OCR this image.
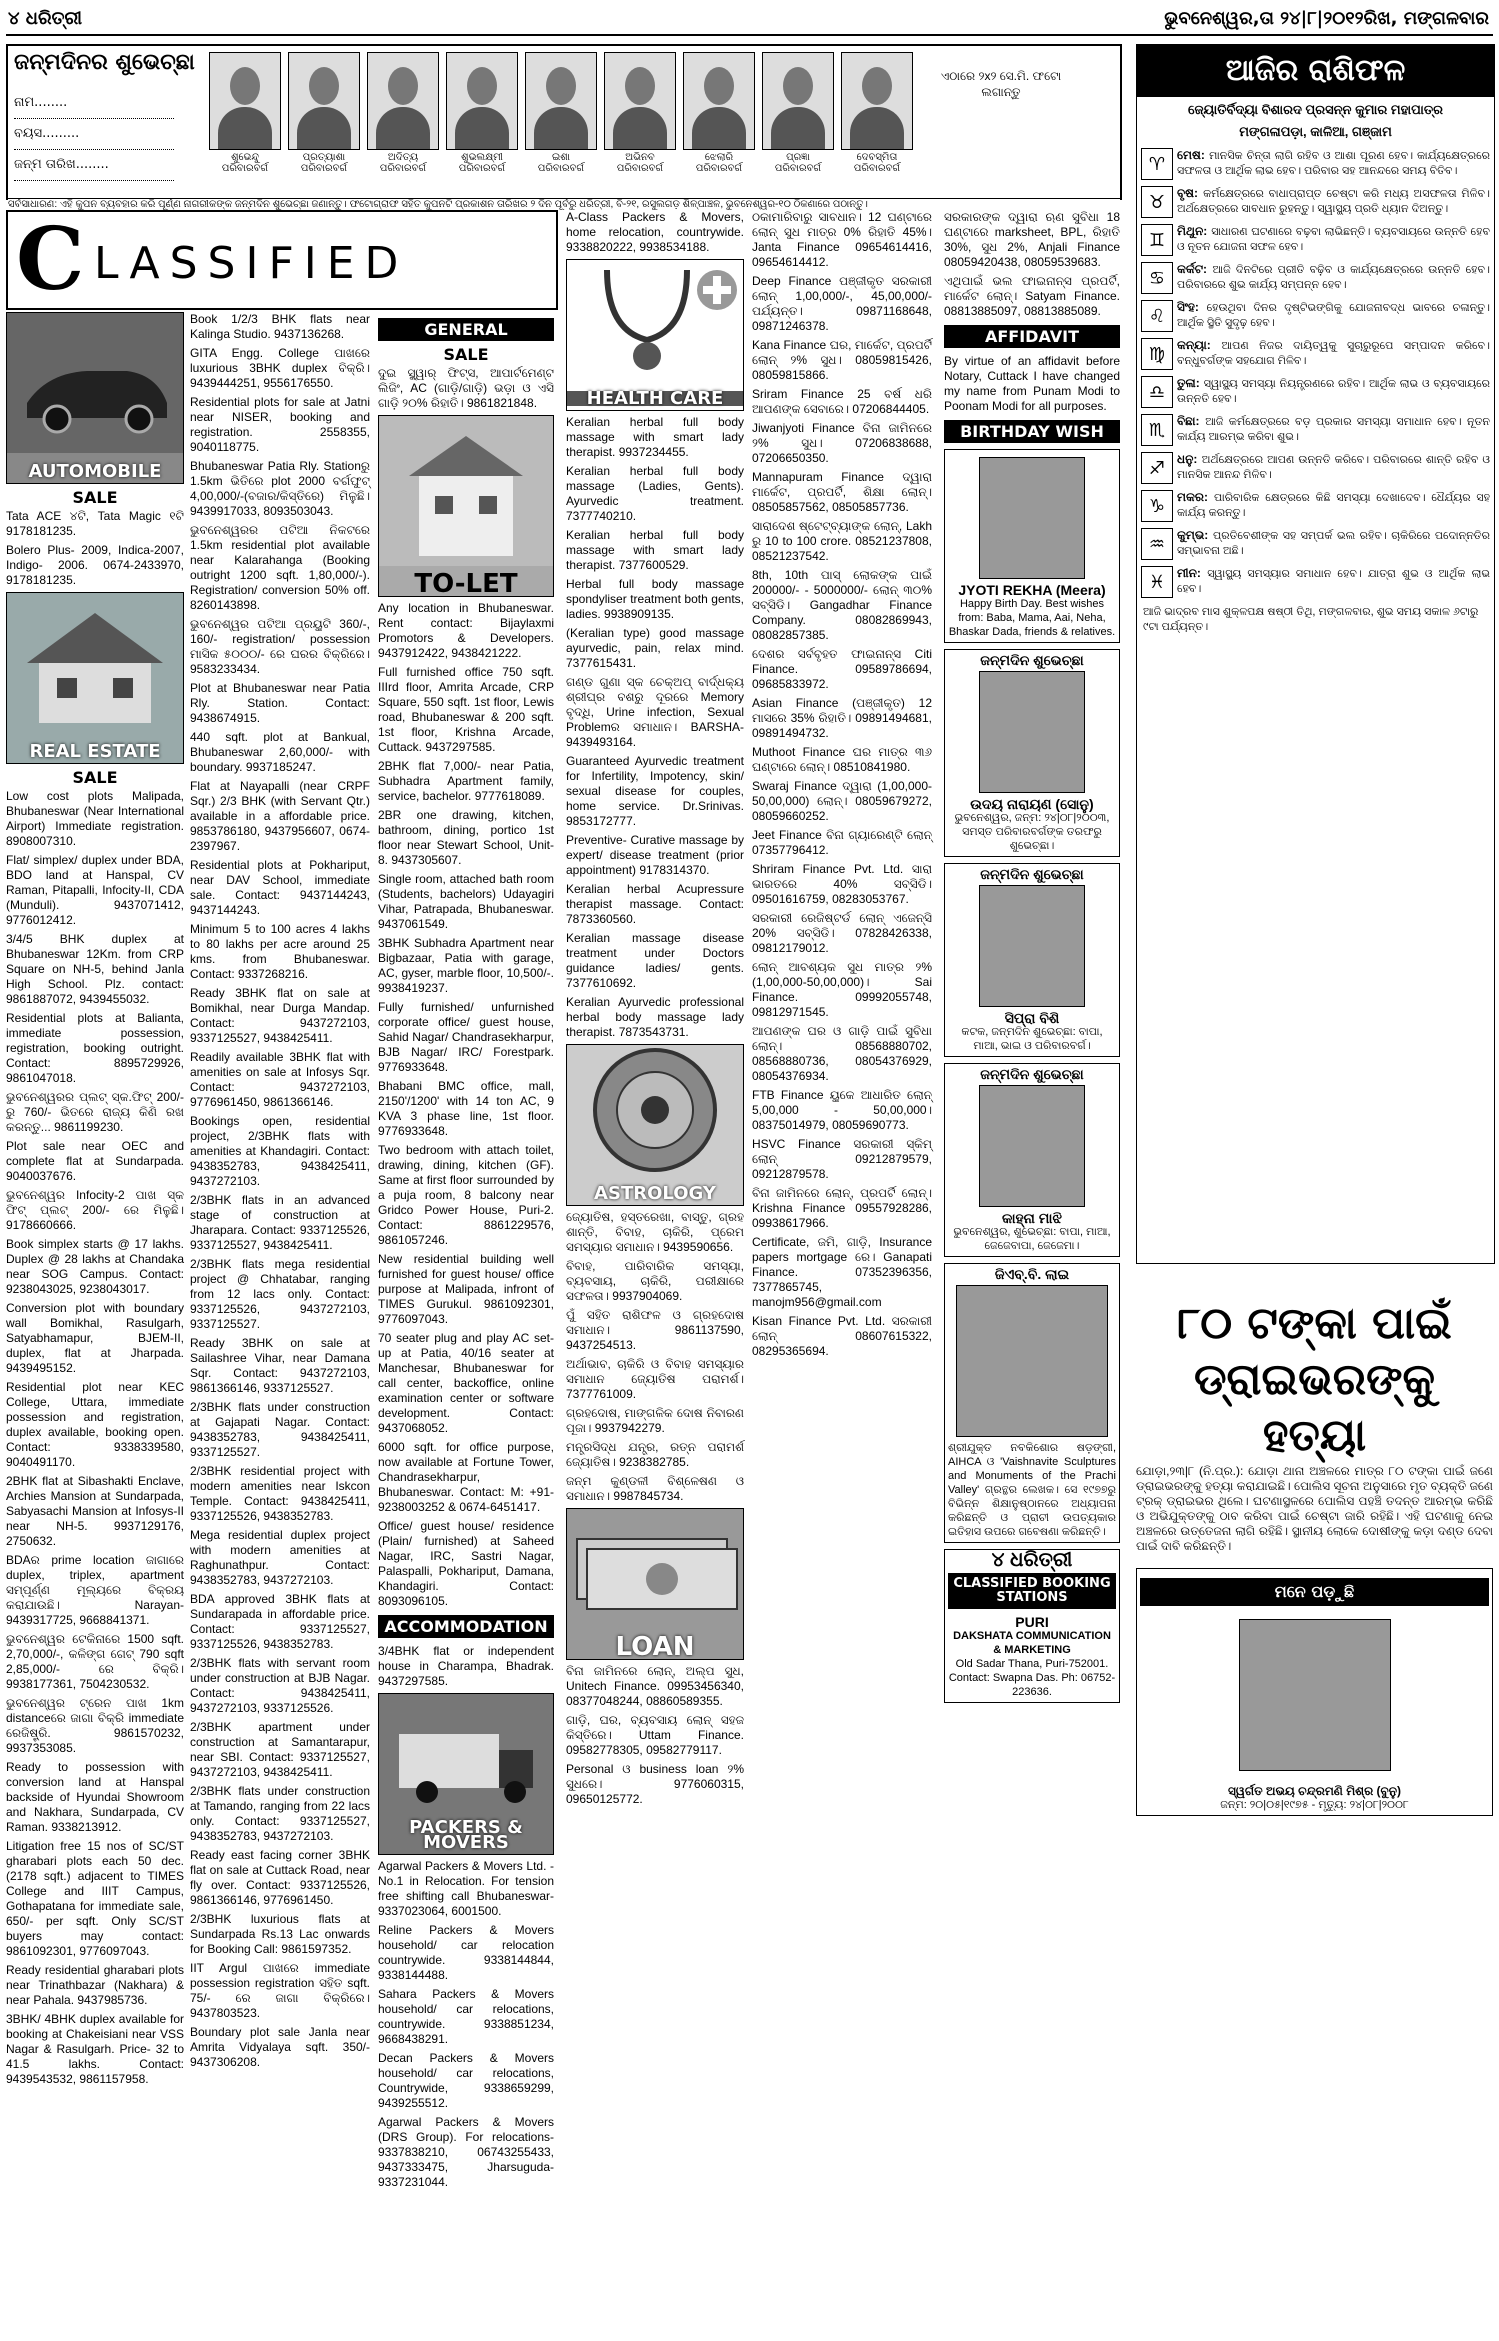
୪ ଧରିତ୍ରୀ	ଭୁବନେଶ୍ୱର,ତା ୨୪|୮|୨୦୧୨ରିଖ, ମଙ୍ଗଳବାର
ଜନ୍ମଦିନର ଶୁଭେଚ୍ଛା
ନାମ........
ବୟସ.........
ଜନ୍ମ ତାରିଖ........	ଶୁଭେନ୍ଦୁ
ପରିବାରବର୍ଗ
ପ୍ରତ୍ୟାଶା
ପରିବାରବର୍ଗ
ଅଦିତ୍ୟ
ପରିବାରବର୍ଗ
ଶୁଭଲକ୍ଷ୍ମୀ
ପରିବାରବର୍ଗ
ଇଶା
ପରିବାରବର୍ଗ
ଅଭିନବ
ପରିବାରବର୍ଗ
ଝେଲାରି
ପରିବାରବର୍ଗ
ପ୍ରଜ୍ଞା
ପରିବାରବର୍ଗ
ଦେବସ୍ମିତା
ପରିବାରବର୍ଗ
ଏଠାରେ ୨x୨ ସେ.ମି. ଫଟୋ ଲଗାନ୍ତୁ
ସର୍ବସାଧାରଣ: ଏହି କୁପନ ବ୍ୟବହାର କରି ପୂର୍ଣ୍ଣ ନାଗରୀକଙ୍କ ଜନ୍ମଦିନ ଶୁଭେଚ୍ଛା ଜଣାନ୍ତୁ। ଫଟୋଗ୍ରାଫ ସହିତ କୁପନଟି ପ୍ରକାଶନ ତାରିଖର ୨ ଦିନ ପୂର୍ବରୁ ଧରିତ୍ରୀ, ବି-୨୧, ରସୁଲଗଡ଼ ଶିଳ୍ପାଞ୍ଚଳ, ଭୁବନେଶ୍ୱର-୧୦ ଠିକଣାରେ ପଠାନ୍ତୁ।
C LASSIFIED
AUTOMOBILE
SALE

Tata ACE ୪ଟି, Tata Magic ୧ଟି 9178181235.

Bolero Plus- 2009, Indica-2007, Indigo- 2006. 0674-2433970, 9178181235.

REAL ESTATE
SALE

Low cost plots Malipada, Bhubaneswar (Near International Airport) Immediate registration. 8908007310.

Flat/ simplex/ duplex under BDA, BDO land at Hanspal, CV Raman, Pitapalli, Infocity-II, CDA (Munduli). 9437071412, 9776012412.

3/4/5 BHK duplex at Bhubaneswar 12Km. from CRP Square on NH-5, behind Janla High School. Plz. contact: 9861887072, 9439455032.

Residential plots at Balianta, immediate possession, registration, booking outright. Contact: 8895729926, 9861047018.

ଭୁବନେଶ୍ୱରର ପ୍ଲଟ୍ ସ୍କ.ଫିଟ୍ 200/- ରୁ 760/- ଭିତରେ ରାଜ୍ୟ କିଣି ରଖ କରନ୍ତୁ... 9861199230.

Plot sale near OEC and complete flat at Sundarpada. 9040037676.

ଭୁବନେଶ୍ୱର Infocity-2 ପାଖ ସ୍କ ଫିଟ୍ ପ୍ଲଟ୍ 200/- ରେ ମିଳୁଛି। 9178660666.

Book simplex starts @ 17 lakhs. Duplex @ 28 lakhs at Chandaka near SOG Campus. Contact: 9238043025, 9238043017.

Conversion plot with boundary wall Bomikhal, Rasulgarh, Satyabhamapur, BJEM-II, duplex, flat at Jharpada. 9439495152.

Residential plot near KEC College, Uttara, immediate possession and registration, duplex available, booking open. Contact: 9338339580, 9040491170.

2BHK flat at Sibashakti Enclave, Archies Mansion at Sundarpada, Sabyasachi Mansion at Infosys-II near NH-5. 9937129176, 2750632.

BDAର prime location ଜାଗାରେ duplex, triplex, apartment ସମ୍ପୂର୍ଣ୍ଣ ମୂଲ୍ୟରେ ବିକ୍ରୟ କରାଯାଉଛି। Narayan- 9439317725, 9668841371.

ଭୁବନେଶ୍ୱର ଟେକିନାରେ 1500 sqft. 2,70,000/-, କଳିଙ୍ଗ ଗେଟ୍ 790 sqft 2,85,000/- ରେ ବିକ୍ରି। 9938177361, 7504230532.

ଭୁବନେଶ୍ୱର ଟ୍ରେନ ପାଖ 1km distanceରେ ଜାଗା ବିକ୍ରି immediate ରେଜିଷ୍ଟ୍ରି. 9861570232, 9937353085.

Ready to possession with conversion land at Hanspal backside of Hyundai Showroom and Nakhara, Sundarpada, CV Raman. 9338213912.

Litigation free 15 nos of SC/ST gharabari plots each 50 dec. (2178 sqft.) adjacent to TIMES College and IIIT Campus, Gothapatana for immediate sale, 650/- per sqft. Only SC/ST buyers may contact: 9861092301, 9776097043.

Ready residential gharabari plots near Trinathbazar (Nakhara) & near Pahala. 9437985736.

3BHK/ 4BHK duplex available for booking at Chakeisiani near VSS Nagar & Rasulgarh. Price- 32 to 41.5 lakhs. Contact: 9439543532, 9861157958.

Book 1/2/3 BHK flats near Kalinga Studio. 9437136268.

GITA Engg. College ପାଖରେ luxurious 3BHK duplex ବିକ୍ରି। 9439444251, 9556176550.

Residential plots for sale at Jatni near NISER, booking and registration. 2558355, 9040118775.

Bhubaneswar Patia Rly. Stationରୁ 1.5km ଭିତିରେ plot 2000 ବର୍ଗଫୁଟ୍ 4,00,000/-(ବଜାର/କିସ୍ତିରେ) ମିଳୁଛି। 9439917033, 8093503043.

ଭୁବନେଶ୍ୱରର ପଟିଆ ନିକଟରେ 1.5km residential plot available near Kalarahanga (Booking outright 1200 sqft. 1,80,000/-). Registration/ conversion 50% off. 8260143898.

ଭୁବନେଶ୍ୱର ପଟିଆ ପ୍ରୟୁଟି 360/-, 160/- registration/ possession ମାସିକ ୫୦୦୦/- ରେ ଘରର ବିକ୍ରିରେ। 9583233434.

Plot at Bhubaneswar near Patia Rly. Station. Contact: 9438674915.

440 sqft. plot at Bankual, Bhubaneswar 2,60,000/- with boundary. 9937185247.

Flat at Nayapalli (near CRPF Sqr.) 2/3 BHK (with Servant Qtr.) available in a affordable price. 9853786180, 9437956607, 0674-2397967.

Residential plots at Pokhariput, near DAV School, immediate sale. Contact: 9437144243, 9437144243.

Minimum 5 to 100 acres 4 lakhs to 80 lakhs per acre around 25 kms. from Bhubaneswar. Contact: 9337268216.

Ready 3BHK flat on sale at Bomikhal, near Durga Mandap. Contact: 9437272103, 9337125527, 9438425411.

Readily available 3BHK flat with amenities on sale at Infosys Sqr. Contact: 9437272103, 9776961450, 9861366146.

Bookings open, residential project, 2/3BHK flats with amenities at Khandagiri. Contact: 9438352783, 9438425411, 9437272103.

2/3BHK flats in an advanced stage of construction at Jharapara. Contact: 9337125526, 9337125527, 9438425411.

2/3BHK flats mega residential project @ Chhatabar, ranging from 12 lacs only. Contact: 9337125526, 9437272103, 9337125527.

Ready 3BHK on sale at Sailashree Vihar, near Damana Sqr. Contact: 9437272103, 9861366146, 9337125527.

2/3BHK flats under construction at Gajapati Nagar. Contact: 9438352783, 9438425411, 9337125527.

2/3BHK residential project with modern amenities near Iskcon Temple. Contact: 9438425411, 9337125526, 9438352783.

Mega residential duplex project with modern amenities at Raghunathpur. Contact: 9438352783, 9437272103.

BDA approved 3BHK flats at Sundarapada in affordable price. Contact: 9337125527, 9337125526, 9438352783.

2/3BHK flats with servant room under construction at BJB Nagar. Contact: 9438425411, 9437272103, 9337125526.

2/3BHK apartment under construction at Samantarapur, near SBI. Contact: 9337125527, 9437272103, 9438425411.

2/3BHK flats under construction at Tamando, ranging from 22 lacs only. Contact: 9337125527, 9438352783, 9437272103.

Ready east facing corner 3BHK flat on sale at Cuttack Road, near fly over. Contact: 9337125526, 9861366146, 9776961450.

2/3BHK luxurious flats at Sundarpada Rs.13 Lac onwards for Booking Call: 9861597352.

IIT Argul ପାଖରେ immediate possession registration ସହିତ sqft. 75/- ରେ ଜାଗା ବିକ୍ରିରେ। 9437803523.

Boundary plot sale Janla near Amrita Vidyalaya sqft. 350/- 9437306208.

GENERAL
SALE

ଦୁଇ ସ୍କ୍ୱାର୍ ଫିଟ୍‌ସ, ଆପାର୍ଟମେଣ୍ଟ ଲିଜିଂ, AC (ଗାଡ଼ି/ଗାଡ଼ି) ଭଡ଼ା ଓ ଏସି ଗାଡ଼ି ୨୦% ରିହାତି। 9861821848.

TO-LET

Any location in Bhubaneswar. Rent contact: Bijaylaxmi Promotors & Developers. 9437912422, 9438421222.

Full furnished office 750 sqft. IIIrd floor, Amrita Arcade, CRP Square, 550 sqft. 1st floor, Lewis road, Bhubaneswar & 200 sqft. 1st floor, Krishna Arcade, Cuttack. 9437297585.

2BHK flat 7,000/- near Patia, Subhadra Apartment family, service, bachelor. 9777618089.

2BR one drawing, kitchen, bathroom, dining, portico 1st floor near Stewart School, Unit-8. 9437305607.

Single room, attached bath room (Students, bachelors) Udayagiri Vihar, Patrapada, Bhubaneswar. 9437061549.

3BHK Subhadra Apartment near Bigbazaar, Patia with garage, AC, gyser, marble floor, 10,500/-. 9938419237.

Fully furnished/ unfurnished corporate office/ guest house, Sahid Nagar/ Chandrasekharpur, BJB Nagar/ IRC/ Forestpark. 9776933648.

Bhabani BMC office, mall, 2150'/1200' with 14 ton AC, 9 KVA 3 phase line, 1st floor. 9776933648.

Two bedroom with attach toilet, drawing, dining, kitchen (GF). Same at first floor surrounded by a puja room, 8 balcony near Gridco Power House, Puri-2. Contact: 8861229576, 9861057246.

New residential building well furnished for guest house/ office purpose at Malipada, infront of TIMES Gurukul. 9861092301, 9776097043.

70 seater plug and play AC set-up at Patia, 40/16 seater at Manchesar, Bhubaneswar for call center, backoffice, online examination center or software development. Contact: 9437068052.

6000 sqft. for office purpose, now available at Fortune Tower, Chandrasekharpur, Bhubaneswar. Contact: M: +91-9238003252 & 0674-6451417.

Office/ guest house/ residence (Plain/ furnished) at Saheed Nagar, IRC, Sastri Nagar, Palaspalli, Pokhariput, Damana, Khandagiri. Contact: 8093096105.

ACCOMMODATION

3/4BHK flat or independent house in Charampa, Bhadrak. 9437297585.

PACKERS & MOVERS

Agarwal Packers & Movers Ltd. - No.1 in Relocation. For tension free shifting call Bhubaneswar- 9337023064, 6001500.

Reline Packers & Movers household/ car relocation countrywide. 9338144844, 9338144488.

Sahara Packers & Movers household/ car relocations, countrywide. 9338851234, 9668438291.

Decan Packers & Movers household/ car relocations, Countrywide, 9338659299, 9439255512.

Agarwal Packers & Movers (DRS Group). For relocations- 9337838210, 06743255433, 9437333475, Jharsuguda- 9337231044.

A-Class Packers & Movers, home relocation, countrywide. 9338820222, 9938534188.

HEALTH CARE

Keralian herbal full body massage with smart lady therapist. 9937234455.

Keralian herbal full body massage (Ladies, Gents). Ayurvedic treatment. 7377740210.

Keralian herbal full body massage with smart lady therapist. 7377600529.

Herbal full body massage spondyliser treatment both gents, ladies. 9938909135.

(Keralian type) good massage ayurvedic, pain, relax mind. 7377615431.

ଗଣ୍ଡ ଗୁଣା ସ୍କ ଚେକ୍‌ଅପ୍ ବାର୍ଦ୍ଧକ୍ୟ ଶ୍ରୀଘ୍ର ବଶରୁ ଦୂରରେ Memory ବୃଦ୍ଧି, Urine infection, Sexual Problemର ସମାଧାନ। BARSHA- 9439493164.

Guaranteed Ayurvedic treatment for Infertility, Impotency, skin/ sexual disease for couples, home service. Dr.Srinivas. 9853172777.

Preventive- Curative massage by expert/ disease treatment (prior appointment) 9178314370.

Keralian herbal Acupressure therapist massage. Contact: 7873360560.

Keralian massage disease treatment under Doctors guidance ladies/ gents. 7377610692.

Keralian Ayurvedic professional herbal body massage lady therapist. 7873543731.

ASTROLOGY

ଜ୍ୟୋତିଷ, ହସ୍ତରେଖା, ବାସ୍ତୁ, ଗ୍ରହ ଶାନ୍ତି, ବିବାହ, ଚାକିରି, ପ୍ରେମ ସମସ୍ୟାର ସମାଧାନ। 9439590656.

ବିବାହ, ପାରିବାରିକ ସମସ୍ୟା, ବ୍ୟବସାୟ, ଚାକିରି, ପରୀକ୍ଷାରେ ସଫଳତା। 9937904069.

ପୁଁ ସହିତ ରାଶିଫଳ ଓ ଗ୍ରହଦୋଷ ସମାଧାନ। 9861137590, 9437254513.

ଅର୍ଥାଭାବ, ଚାକିରି ଓ ବିବାହ ସମସ୍ୟାର ସମାଧାନ ଜ୍ୟୋତିଷ ପରାମର୍ଶ। 7377761009.

ଗ୍ରହଦୋଷ, ମାଙ୍ଗଳିକ ଦୋଷ ନିବାରଣ ପୂଜା। 9937942279.

ମନ୍ତ୍ରସିଦ୍ଧ ଯନ୍ତ୍ର, ରତ୍ନ ପରାମର୍ଶ ଜ୍ୟୋତିଷ। 9238382785.

ଜନ୍ମ କୁଣ୍ଡଳୀ ବିଶ୍ଳେଷଣ ଓ ସମାଧାନ। 9987845734.

LOAN

ବିନା ଜାମିନରେ ଲୋନ୍, ଅଲ୍ପ ସୁଧ, Unitech Finance. 09953456340, 08377048244, 08860589355.

ଗାଡ଼ି, ଘର, ବ୍ୟବସାୟ ଲୋନ୍ ସହଜ କିସ୍ତିରେ। Uttam Finance. 09582778305, 09582779117.

Personal ଓ business loan ୨% ସୁଧରେ। 9776060315, 09650125772.

ଠକାମାରିବାରୁ ସାବଧାନ। 12 ଘଣ୍ଟାରେ ଲୋନ୍ ସୁଧ ମାତ୍ର 0% ରିହାତି 45%। Janta Finance 09654614416, 09654614412.

Deep Finance ପଞ୍ଜୀକୃତ ସରକାରୀ ଲୋନ୍ 1,00,000/-, 45,00,000/- ପର୍ଯ୍ୟନ୍ତ। 09871168648, 09871246378.

Kana Finance ଘର, ମାର୍କେଟ, ପ୍ରପର୍ଟି ଲୋନ୍ ୨% ସୁଧ। 08059815426, 08059815866.

Sriram Finance 25 ବର୍ଷ ଧରି ଆପଣଙ୍କ ସେବାରେ। 07206844405.

Jiwanjyoti Finance ବିନା ଜାମିନରେ ୨% ସୁଧ। 07206838688, 07206650350.

Mannapuram Finance ଦ୍ୱାରା ମାର୍କେଟ, ପ୍ରପର୍ଟି, ଶିକ୍ଷା ଲୋନ୍। 08505857562, 08505857736.

ସାରାଦେଶ ଷ୍ଟେଟ୍‌ବ୍ୟାଙ୍କ ଲୋନ୍, Lakh ରୁ 10 to 100 crore. 08521237808, 08521237542.

8th, 10th ପାସ୍ ଲୋକଙ୍କ ପାଇଁ 200000/- - 5000000/- ଲୋନ୍ ୩୦% ସବ୍‌ସିଡି। Gangadhar Finance Company. 08082869943, 08082857385.

ଦେଶର ସର୍ବବୃହତ ଫାଇନାନ୍ସ Citi Finance. 09589786694, 09685833972.

Asian Finance (ପଞ୍ଜୀକୃତ) 12 ମାସରେ 35% ରିହାତି। 09891494681, 09891494732.

Muthoot Finance ଘର ମାତ୍ର ୩୬ ଘଣ୍ଟାରେ ଲୋନ୍। 08510841980.

Swaraj Finance ଦ୍ୱାରା (1,00,000- 50,00,000) ଲୋନ୍। 08059679272, 08059660252.

Jeet Finance ବିନା ଗ୍ୟାରେଣ୍ଟି ଲୋନ୍ 07357796412.

Shriram Finance Pvt. Ltd. ସାରା ଭାରତରେ 40% ସବ୍‌ସିଡି। 09501616759, 08283053767.

ସରକାରୀ ରେଜିଷ୍ଟର୍ଡ ଲୋନ୍ ଏଜେନ୍ସି 20% ସବ୍‌ସିଡି। 07828426338, 09812179012.

ଲୋନ୍ ଆବଶ୍ୟକ ସୁଧ ମାତ୍ର ୨% (1,00,000-50,00,000)। Sai Finance. 09992055748, 09812971545.

ଆପଣଙ୍କ ଘର ଓ ଗାଡ଼ି ପାଇଁ ସୁବିଧା ଲୋନ୍। 08568880702, 08568880736, 08054376929, 08054376934.

FTB Finance ୟୁକେ ଆଧାରିତ ଲୋନ୍ 5,00,000 - 50,00,000। 08375014979, 08059690773.

HSVC Finance ସରକାରୀ ସ୍କିମ୍ ଲୋନ୍ 09212879579, 09212879578.

ବିନା ଜାମିନରେ ଲୋନ୍, ପ୍ରପର୍ଟି ଲୋନ୍। Krishna Finance 09557928286, 09938617966.

Certificate, ଜମି, ଗାଡ଼ି, Insurance papers mortgage ରେ। Ganapati Finance. 07352396356, 7377865745, manojm956@gmail.com

Kisan Finance Pvt. Ltd. ସରକାରୀ ଲୋନ୍ 08607615322, 08295365694.

ସରକାରଙ୍କ ଦ୍ୱାରା ଋଣ ସୁବିଧା 18 ଘଣ୍ଟାରେ marksheet, BPL, ରିହାତି 30%, ସୁଧ 2%, Anjali Finance 08059420438, 08059539683.

ଏଥିପାଇଁ ଭଲ ଫାଇନାନ୍ସ ପ୍ରପର୍ଟି, ମାର୍କେଟ ଲୋନ୍। Satyam Finance. 08813885097, 08813885089.

AFFIDAVIT

By virtue of an affidavit before Notary, Cuttack I have changed my name from Punam Modi to Poonam Modi for all purposes.

BIRTHDAY WISH
JYOTI REKHA (Meera)
Happy Birth Day. Best wishes from: Baba, Mama, Aai, Neha, Bhaskar Dada, friends & relatives.
ଜନ୍ମଦିନ ଶୁଭେଚ୍ଛା
ଉଦୟ ନାରାୟଣ (ସୋନୁ)
ଭୁବନେଶ୍ୱର, ଜନ୍ମ: ୨୪|୦୮|୨୦୦୩, ସମସ୍ତ ପରିବାରବର୍ଗଙ୍କ ତରଫରୁ ଶୁଭେଚ୍ଛା।
ଜନ୍ମଦିନ ଶୁଭେଚ୍ଛା
ସିପ୍ରା ବିଶି
କଟକ, ଜନ୍ମଦିନ ଶୁଭେଚ୍ଛା: ବାପା, ମାଆ, ଭାଇ ଓ ପରିବାରବର୍ଗ।
ଜନ୍ମଦିନ ଶୁଭେଚ୍ଛା
କାହ୍ନା ମାଝି
ଭୁବନେଶ୍ୱର, ଶୁଭେଚ୍ଛା: ବାପା, ମାଆ, ଜେଜେବାପା, ଜେଜେମା।
ଜିଏବ୍.ବି. ଲାଇ
ଶ୍ରୀଯୁକ୍ତ ନବକିଶୋର ଷଡ଼ଙ୍ଗୀ, AIHCA ଓ 'Vaishnavite Sculptures and Monuments of the Prachi Valley' ଗ୍ରନ୍ଥର ଲେଖକ। ସେ ୧୯୭୭ରୁ ବିଭିନ୍ନ ଶିକ୍ଷାନୁଷ୍ଠାନରେ ଅଧ୍ୟାପନା କରିଛନ୍ତି ଓ ପ୍ରାଚୀ ଉପତ୍ୟକାର ଇତିହାସ ଉପରେ ଗବେଷଣା କରିଛନ୍ତି।
୪ ଧରିତ୍ରୀ
CLASSIFIED BOOKING STATIONS
PURI
DAKSHATA COMMUNICATION & MARKETING
Old Sadar Thana, Puri-752001. Contact: Swapna Das. Ph: 06752-223636.
ଆଜିର ରାଶିଫଳ
ଜ୍ୟୋତିର୍ବିଦ୍ୟା ବିଶାରଦ ପ୍ରସନ୍ନ କୁମାର ମହାପାତ୍ର
ମଙ୍ଗଳାପଡ଼ା, କାଳିଆ, ଗଞ୍ଜାମ
♈ ମେଷ: ମାନସିକ ଚିନ୍ତା ଲାଗି ରହିବ ଓ ଆଶା ପୂରଣ ହେବ। କାର୍ଯ୍ୟକ୍ଷେତ୍ରରେ ସଫଳତା ଓ ଆର୍ଥିକ ଲାଭ ହେବ। ପରିବାର ସହ ଆନନ୍ଦରେ ସମୟ ବିତିବ।

♉ ବୃଷ: କର୍ମକ୍ଷେତ୍ରରେ ବାଧାପ୍ରାପ୍ତ ଚେଷ୍ଟା କରି ମଧ୍ୟ ଅସଫଳତା ମିଳିବ। ଅର୍ଥକ୍ଷେତ୍ରରେ ସାବଧାନ ରୁହନ୍ତୁ। ସ୍ୱାସ୍ଥ୍ୟ ପ୍ରତି ଧ୍ୟାନ ଦିଅନ୍ତୁ।

♊ ମିଥୁନ: ସାଧାରଣ ଘଟଣାରେ ବଢ଼ବା ଲାଭିଛନ୍ତି। ବ୍ୟବସାୟରେ ଉନ୍ନତି ହେବ ଓ ନୂତନ ଯୋଜନା ସଫଳ ହେବ।

♋ କର୍କଟ: ଆଜି ଦିନଟିରେ ପ୍ରୀତି ବଢ଼ିବ ଓ କାର୍ଯ୍ୟକ୍ଷେତ୍ରରେ ଉନ୍ନତି ହେବ। ପରିବାରରେ ଶୁଭ କାର୍ଯ୍ୟ ସମ୍ପନ୍ନ ହେବ।

♌ ସିଂହ: ହେଉଥିବା ଦିନର ଦୃଷ୍ଟିଭଙ୍ଗିକୁ ଯୋଜନାବଦ୍ଧ ଭାବରେ ଚଳାନ୍ତୁ। ଆର୍ଥିକ ସ୍ଥିତି ସୁଦୃଢ଼ ହେବ।

♍ କନ୍ୟା: ଆପଣ ନିଜର ଦାୟିତ୍ୱକୁ ସୁଚାରୁରୂପେ ସମ୍ପାଦନ କରିବେ। ବନ୍ଧୁବର୍ଗଙ୍କ ସହଯୋଗ ମିଳିବ।

♎ ତୁଳା: ସ୍ୱାସ୍ଥ୍ୟ ସମସ୍ୟା ନିୟନ୍ତ୍ରଣରେ ରହିବ। ଆର୍ଥିକ ଲାଭ ଓ ବ୍ୟବସାୟରେ ଉନ୍ନତି ହେବ।

♏ ବିଛା: ଆଜି କର୍ମକ୍ଷେତ୍ରରେ ବଡ଼ ପ୍ରକାର ସମସ୍ୟା ସମାଧାନ ହେବ। ନୂତନ କାର୍ଯ୍ୟ ଆରମ୍ଭ କରିବା ଶୁଭ।

♐ ଧନୁ: ଅର୍ଥକ୍ଷେତ୍ରରେ ଆପଣ ଉନ୍ନତି କରିବେ। ପରିବାରରେ ଶାନ୍ତି ରହିବ ଓ ମାନସିକ ଆନନ୍ଦ ମିଳିବ।

♑ ମକର: ପାରିବାରିକ କ୍ଷେତ୍ରରେ କିଛି ସମସ୍ୟା ଦେଖାଦେବ। ଧୈର୍ଯ୍ୟର ସହ କାର୍ଯ୍ୟ କରନ୍ତୁ।

♒ କୁମ୍ଭ: ପ୍ରତିବେଶୀଙ୍କ ସହ ସମ୍ପର୍କ ଭଲ ରହିବ। ଚାକିରିରେ ପଦୋନ୍ନତିର ସମ୍ଭାବନା ଅଛି।

♓ ମୀନ: ସ୍ୱାସ୍ଥ୍ୟ ସମସ୍ୟାର ସମାଧାନ ହେବ। ଯାତ୍ରା ଶୁଭ ଓ ଆର୍ଥିକ ଲାଭ ହେବ।

ଆଜି ଭାଦ୍ରବ ମାସ ଶୁକ୍ଳପକ୍ଷ ଷଷ୍ଠୀ ତିଥି, ମଙ୍ଗଳବାର, ଶୁଭ ସମୟ ସକାଳ ୬ଟାରୁ ୯ଟା ପର୍ଯ୍ୟନ୍ତ।

୮୦ ଟଙ୍କା ପାଇଁ ଡ୍ରାଇଭରଙ୍କୁ ହତ୍ୟା
ଯୋଡ଼ା,୨୩|୮ (ନି.ପ୍ର.): ଯୋଡ଼ା ଥାନା ଅଞ୍ଚଳରେ ମାତ୍ର ୮୦ ଟଙ୍କା ପାଇଁ ଜଣେ ଡ୍ରାଇଭରଙ୍କୁ ହତ୍ୟା କରାଯାଇଛି। ପୋଲିସ ସୂଚନା ଅନୁସାରେ ମୃତ ବ୍ୟକ୍ତି ଜଣେ ଟ୍ରକ୍ ଡ୍ରାଇଭର ଥିଲେ। ଘଟଣାସ୍ଥଳରେ ପୋଲିସ ପହଞ୍ଚି ତଦନ୍ତ ଆରମ୍ଭ କରିଛି ଓ ଅଭିଯୁକ୍ତଙ୍କୁ ଠାବ କରିବା ପାଇଁ ଚେଷ୍ଟା ଜାରି ରହିଛି। ଏହି ଘଟଣାକୁ ନେଇ ଅଞ୍ଚଳରେ ଉତ୍ତେଜନା ଲାଗି ରହିଛି। ସ୍ଥାନୀୟ ଲୋକେ ଦୋଷୀଙ୍କୁ କଡ଼ା ଦଣ୍ଡ ଦେବା ପାଇଁ ଦାବି କରିଛନ୍ତି।
ମନେ ପଡ଼ୁଛି
ସ୍ୱର୍ଗତ ଅଭୟ ଚନ୍ଦ୍ରମଣି ମିଶ୍ର (ବୁନୁ)
ଜନ୍ମ: ୨୦|୦୫|୧୯୭୫ - ମୃତ୍ୟୁ: ୨୪|୦୮|୨୦୦୮
